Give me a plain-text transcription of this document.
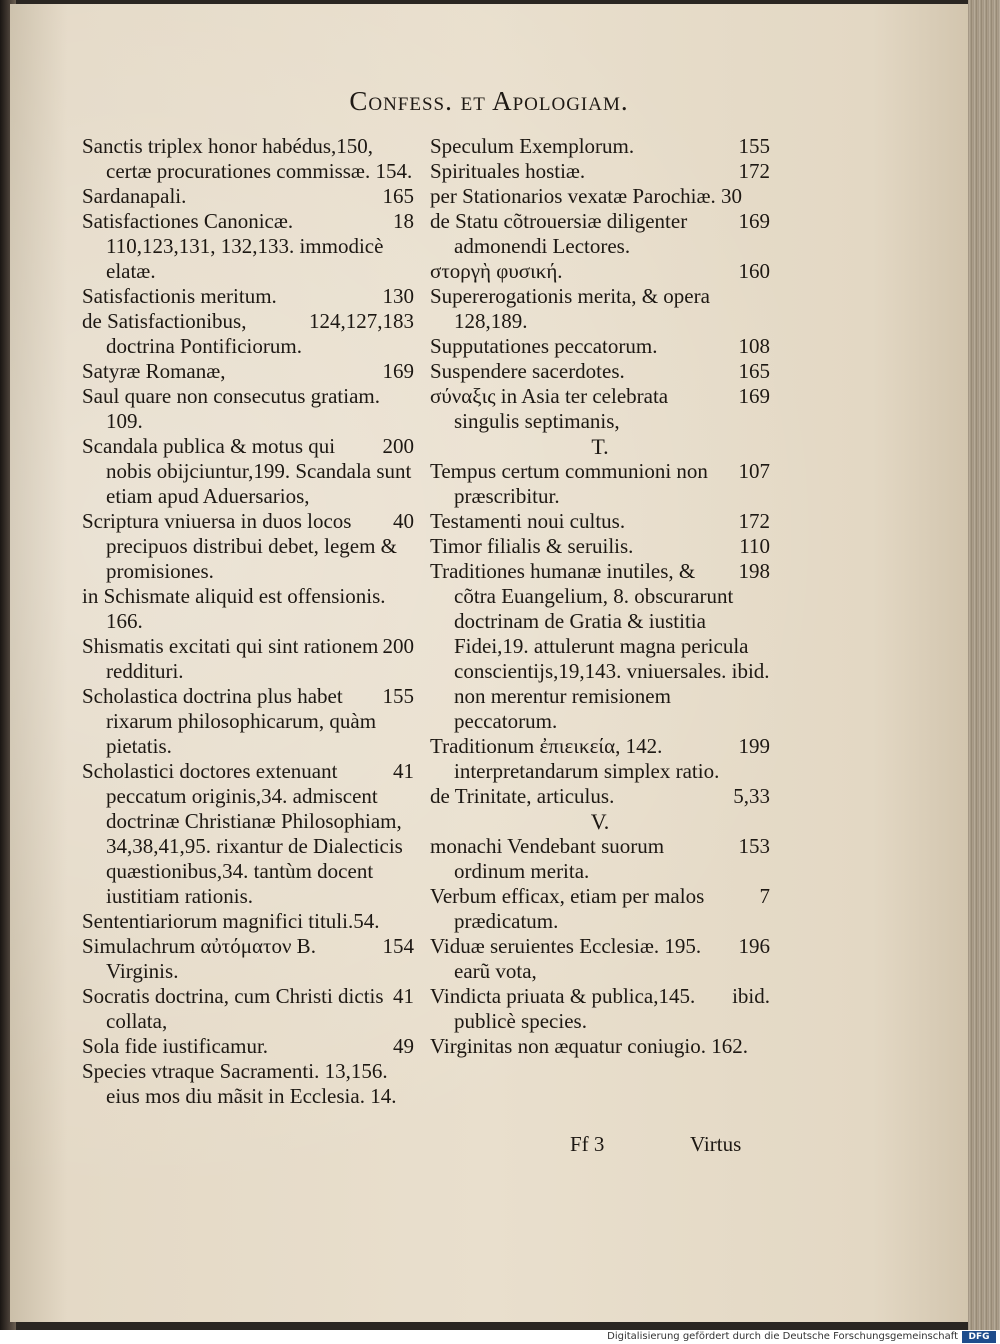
Confess. et Apologiam.

Sanctis triplex honor habédus,150, certæ procurationes commissæ. 154.

165
Sardanapali.

18
Satisfactiones Canonicæ. 110,123,131, 132,133. immodicè elatæ.

130
Satisfactionis meritum.

124,127,183
de Satisfactionibus, doctrina Pontificiorum.

169
Satyræ Romanæ,

Saul quare non consecutus gratiam. 109.

200
Scandala publica & motus qui nobis obijciuntur,199. Scandala sunt etiam apud Aduersarios,

40
Scriptura vniuersa in duos locos precipuos distribui debet, legem & promisiones.

in Schismate aliquid est offensionis. 166.

200
Shismatis excitati qui sint rationem reddituri.

155
Scholastica doctrina plus habet rixarum philosophicarum, quàm pietatis.

41
Scholastici doctores extenuant peccatum originis,34. admiscent doctrinæ Christianæ Philosophiam, 34,38,41,95. rixantur de Dialecticis quæstionibus,34. tantùm docent iustitiam rationis.

Sententiariorum magnifici tituli.54.

154
Simulachrum αὐτόματον B. Virginis.

41
Socratis doctrina, cum Christi dictis collata,

49
Sola fide iustificamur.

Species vtraque Sacramenti. 13,156. eius mos diu mãsit in Ecclesia. 14.

155
Speculum Exemplorum.

172
Spirituales hostiæ.

per Stationarios vexatæ Parochiæ. 30

169
de Statu cõtrouersiæ diligenter admonendi Lectores.

160
στοργὴ φυσική.

Supererogationis merita, & opera 128,189.

108
Supputationes peccatorum.

165
Suspendere sacerdotes.

169
σύναξις in Asia ter celebrata singulis septimanis,

T.

107
Tempus certum communioni non præscribitur.

172
Testamenti noui cultus.

110
Timor filialis & seruilis.

198
Traditiones humanæ inutiles, & cõtra Euangelium, 8. obscurarunt doctrinam de Gratia & iustitia Fidei,19. attulerunt magna pericula conscientijs,19,143. vniuersales. ibid. non merentur remisionem peccatorum.

199
Traditionum ἐπιεικεία, 142. interpretandarum simplex ratio.

5,33
de Trinitate, articulus.

V.

153
monachi Vendebant suorum ordinum merita.

7
Verbum efficax, etiam per malos prædicatum.

196
Viduæ seruientes Ecclesiæ. 195. earũ vota,

ibid.
Vindicta priuata & publica,145. publicè species.

Virginitas non æquatur coniugio. 162.

Ff 3	Virtus
Digitalisierung gefördert durch die Deutsche Forschungsgemeinschaft	DFG
